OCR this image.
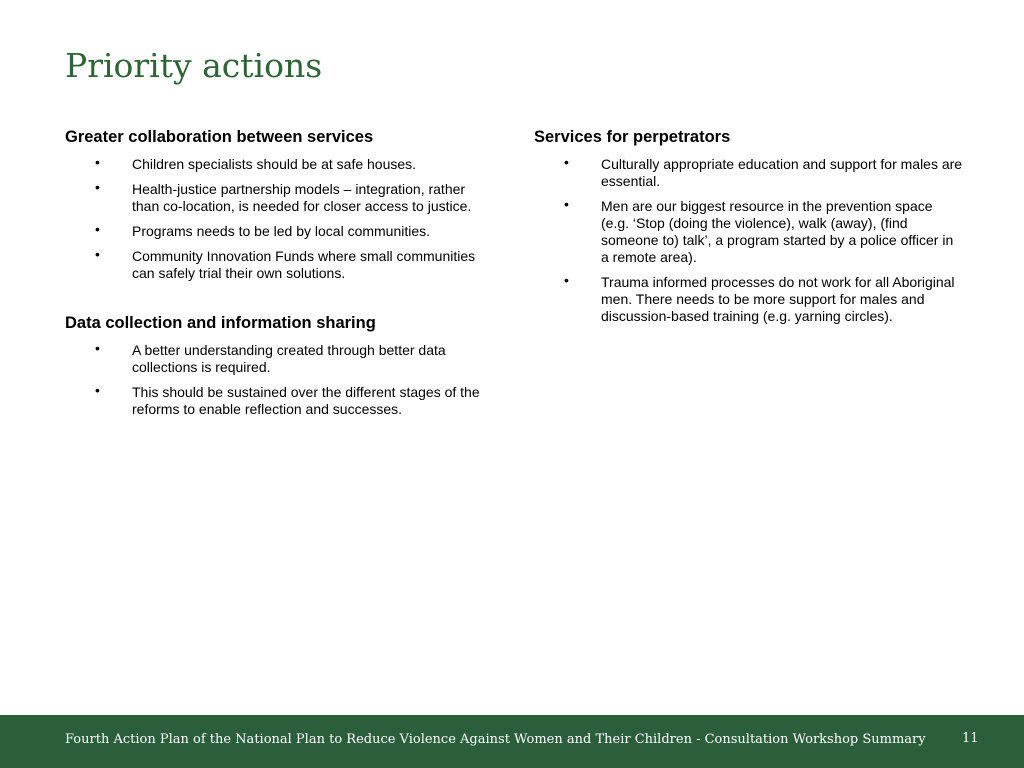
Priority actions
Greater collaboration between services
• Children specialists should be at safe houses.
• Health-justice partnership models – integration, rather than co-location, is needed for closer access to justice.
• Programs needs to be led by local communities.
• Community Innovation Funds where small communities can safely trial their own solutions.
Data collection and information sharing
• A better understanding created through better data collections is required.
• This should be sustained over the different stages of the reforms to enable reflection and successes.
Services for perpetrators
• Culturally appropriate education and support for males are essential.
• Men are our biggest resource in the prevention space (e.g. ‘Stop (doing the violence), walk (away), (find someone to) talk’, a program started by a police officer in a remote area).
• Trauma informed processes do not work for all Aboriginal men. There needs to be more support for males and discussion-based training (e.g. yarning circles).
Fourth Action Plan of the National Plan to Reduce Violence Against Women and Their Children - Consultation Workshop Summary	11
